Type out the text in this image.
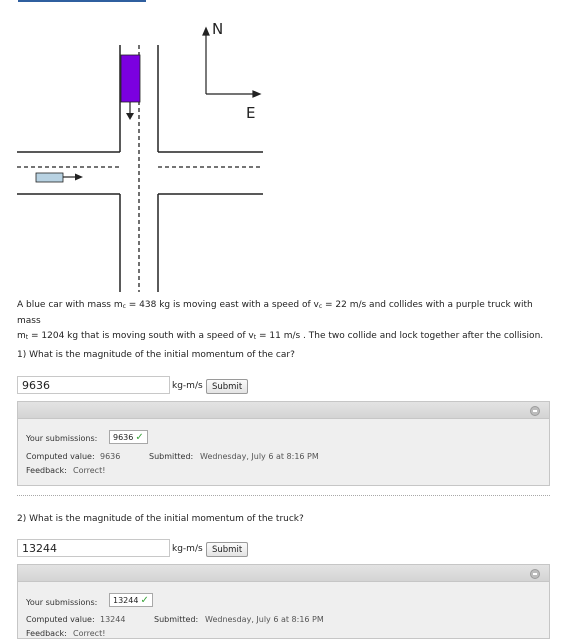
N
E
A blue car with mass $m_c = 438$ kg is moving east with a speed of $v_c = 22$ m/s and collides with a purple truck with mass
$m_t = 1204$ kg that is moving south with a speed of $v_t = 11$ m/s . The two collide and lock together after the collision.
1) What is the magnitude of the initial momentum of the car?
9636
kg-m/s	Submit
Your submissions:	9636 ✓
Computed value: 9636	Submitted: Wednesday, July 6 at 8:16 PM
Feedback: Correct!
2) What is the magnitude of the initial momentum of the truck?
13244
kg-m/s	Submit
Your submissions:	13244 ✓
Computed value: 13244	Submitted: Wednesday, July 6 at 8:16 PM
Feedback: Correct!
